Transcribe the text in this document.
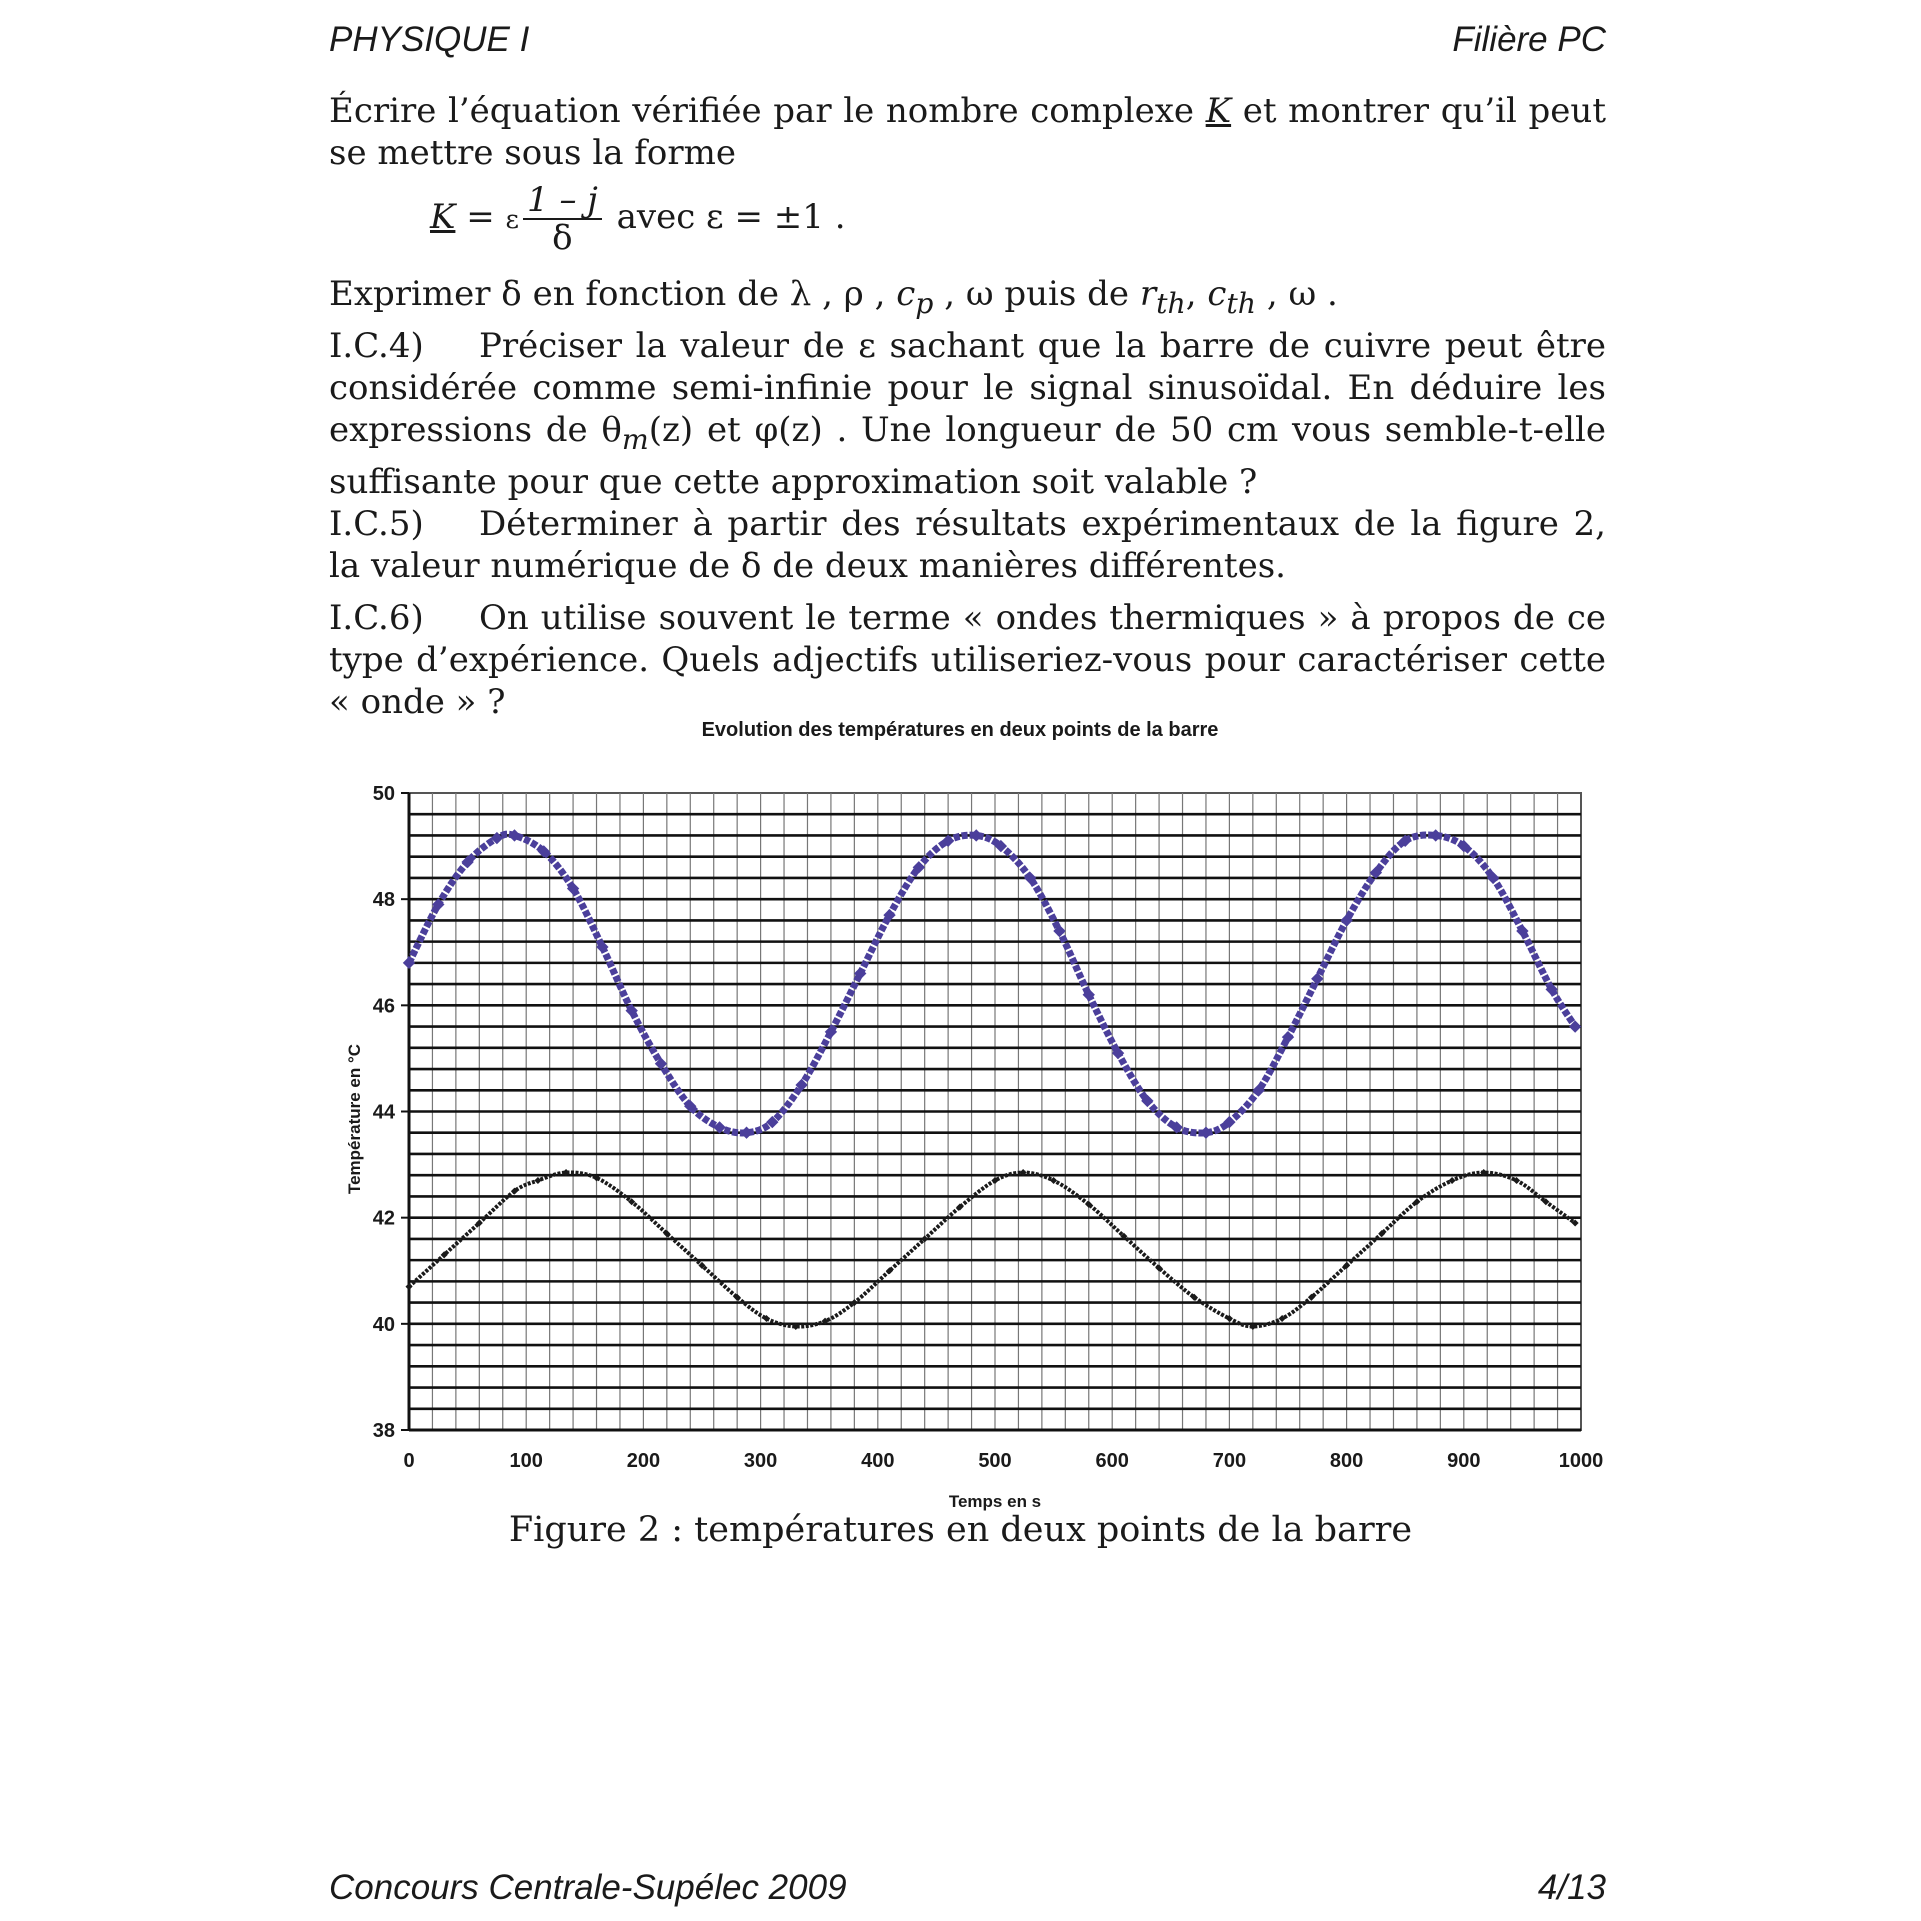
PHYSIQUE I	Filière PC
Écrire l’équation vérifiée par le nombre complexe K et montrer qu’il peut se mettre sous la forme
K = ε $\frac{1 - j}{\delta}$ avec ε = ±1 .
Exprimer δ en fonction de λ , ρ , $c_p$ , ω puis de $r_{th}$, $c_{th}$ , ω .
I.C.4) Préciser la valeur de ε sachant que la barre de cuivre peut être considérée comme semi-infinie pour le signal sinusoïdal. En déduire les expressions de $\theta_m(z)$ et φ(z) . Une longueur de 50 cm vous semble-t-elle suffisante pour que cette approximation soit valable ?
I.C.5) Déterminer à partir des résultats expérimentaux de la figure 2, la valeur numérique de δ de deux manières différentes.
I.C.6) On utilise souvent le terme « ondes thermiques » à propos de ce type d’expérience. Quels adjectifs utiliseriez-vous pour caractériser cette « onde » ?
Evolution des températures en deux points de la barre
0	100	200	300	400	500	600	700	800	900	1000
38
40
42
44
46
48
50
Temps en s
Température en °C
Figure 2 : températures en deux points de la barre
Concours Centrale-Supélec 2009	4/13
